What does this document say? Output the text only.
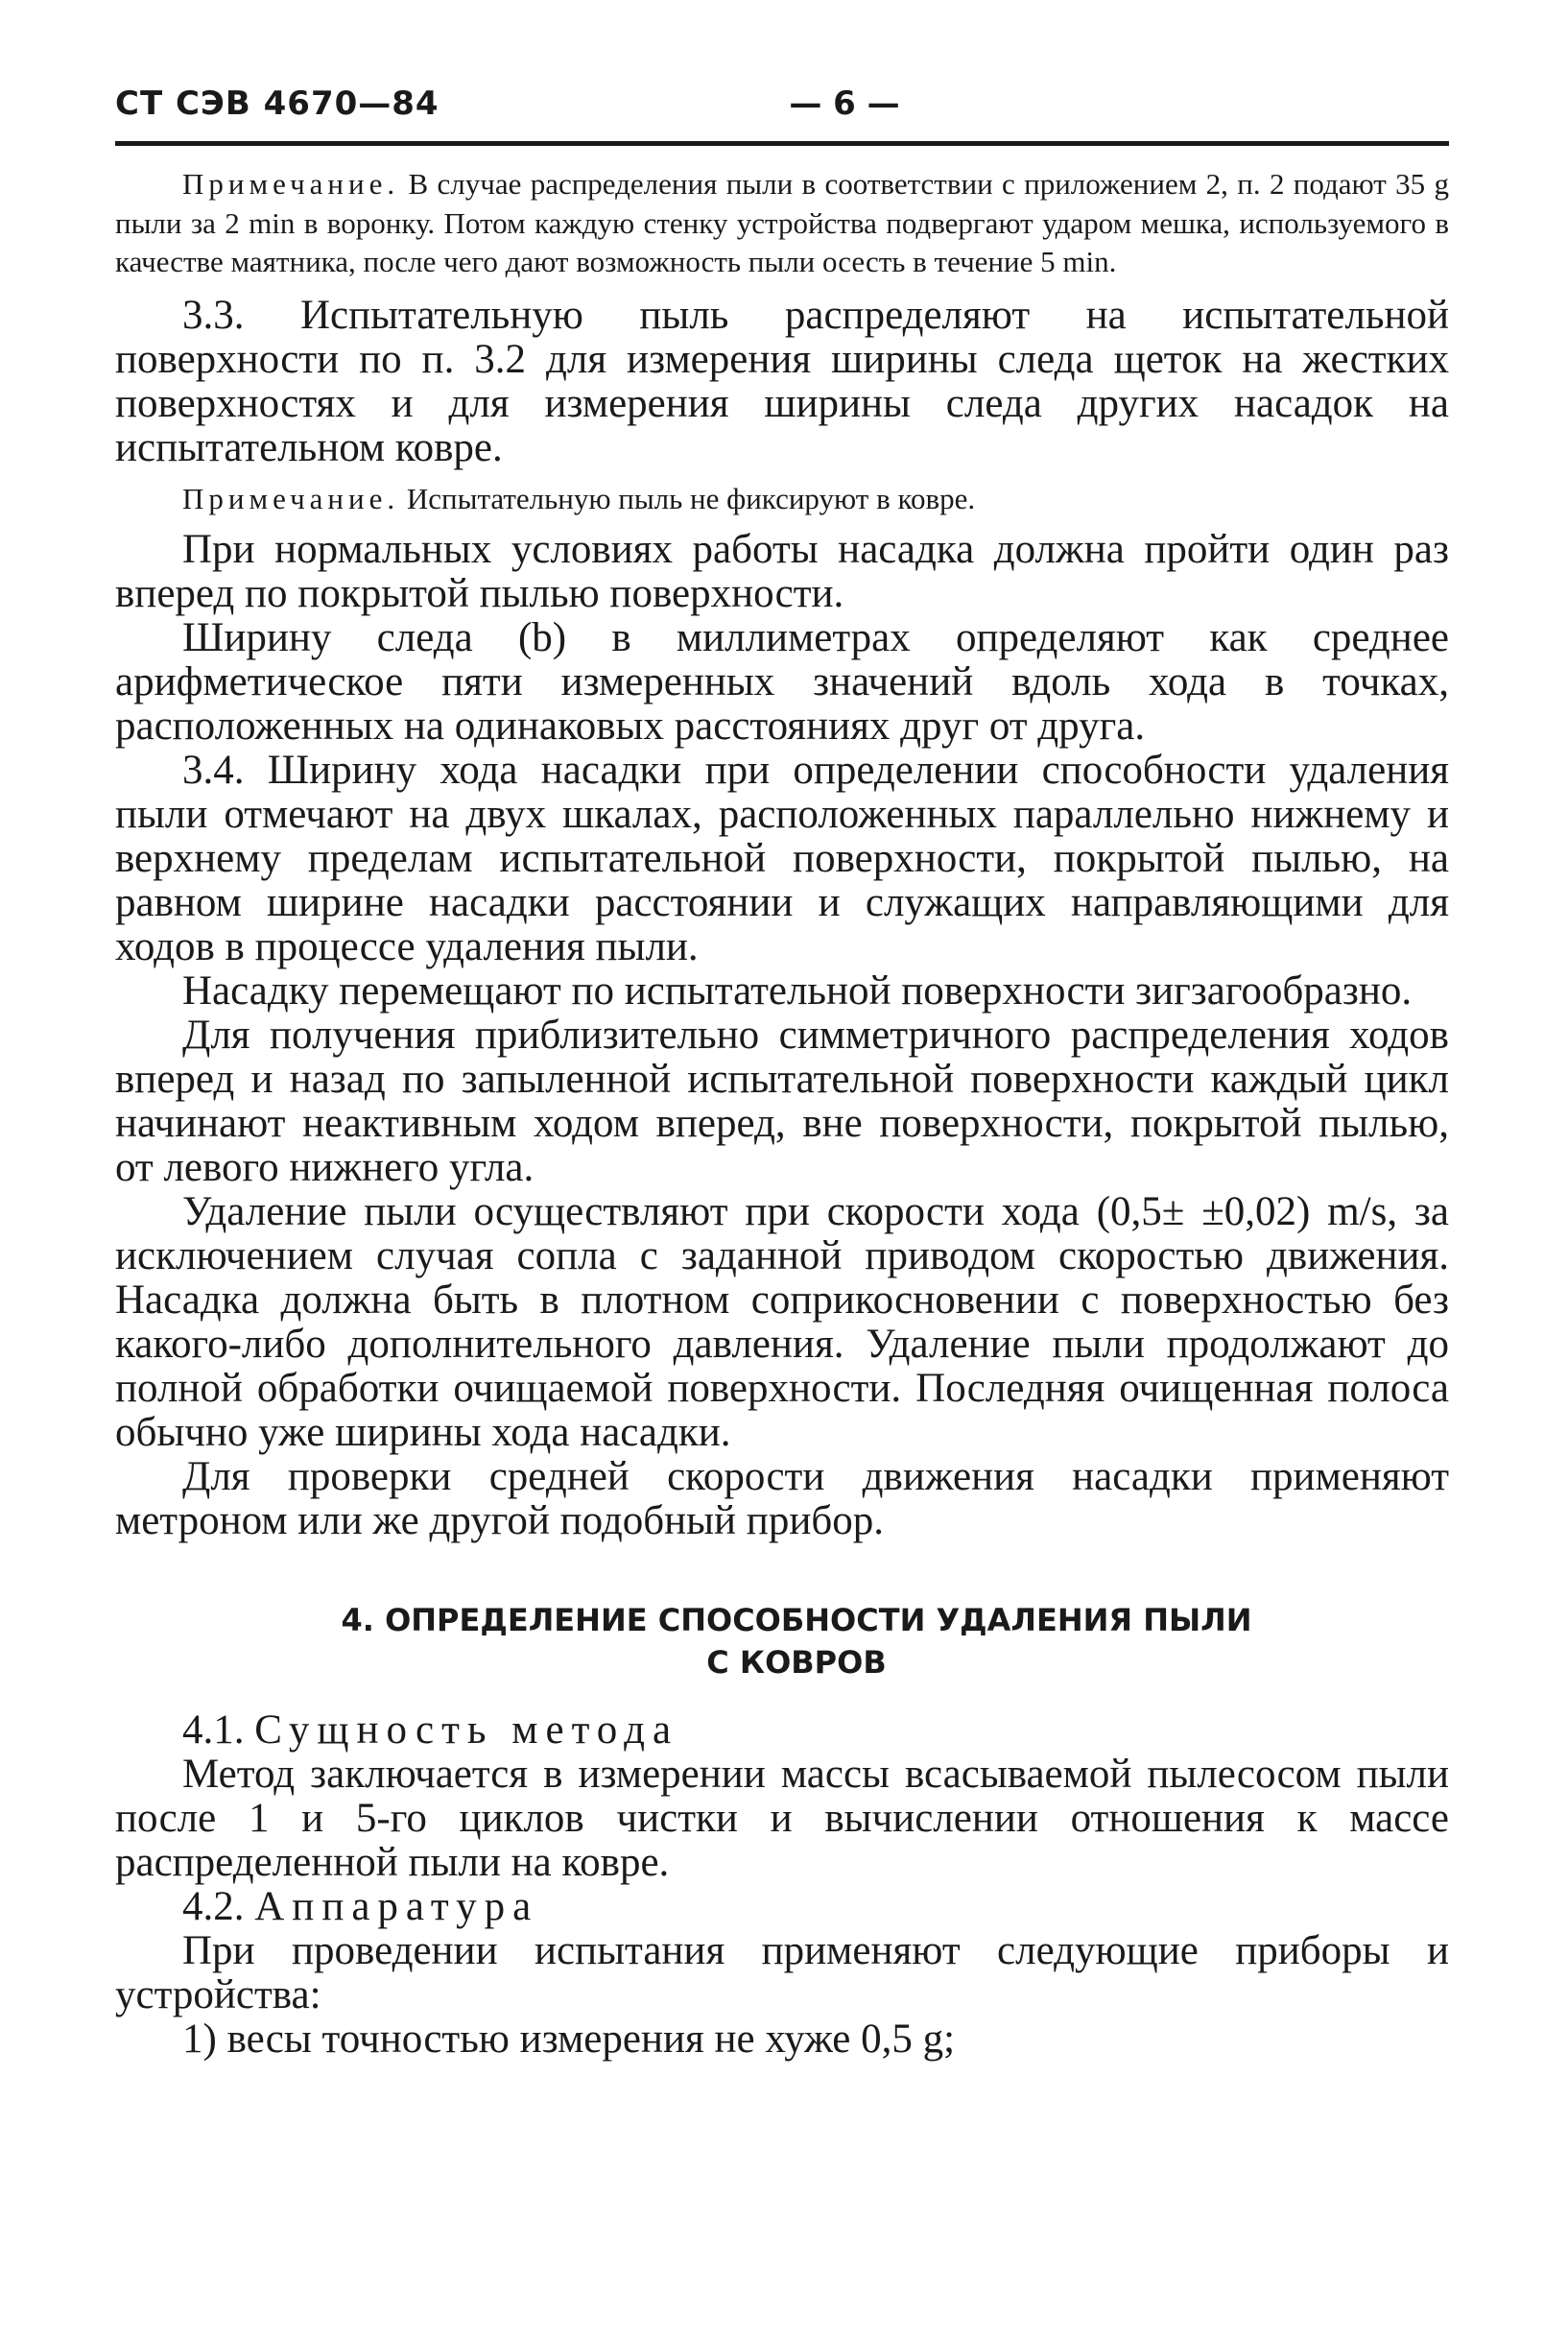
СТ СЭВ 4670—84	— 6 —

Примечание. В случае распределения пыли в соответствии с приложением 2, п. 2 подают 35 g пыли за 2 min в воронку. Потом каждую стенку устройства подвергают ударом мешка, используемого в качестве маятника, после чего дают возможность пыли осесть в течение 5 min.

3.3. Испытательную пыль распределяют на испытательной поверхности по п. 3.2 для измерения ширины следа щеток на жестких поверхностях и для измерения ширины следа других насадок на испытательном ковре.

Примечание. Испытательную пыль не фиксируют в ковре.

При нормальных условиях работы насадка должна пройти один раз вперед по покрытой пылью поверхности.

Ширину следа (b) в миллиметрах определяют как среднее арифметическое пяти измеренных значений вдоль хода в точках, расположенных на одинаковых расстояниях друг от друга.

3.4. Ширину хода насадки при определении способности удаления пыли отмечают на двух шкалах, расположенных параллельно нижнему и верхнему пределам испытательной поверхности, покрытой пылью, на равном ширине насадки расстоянии и служащих направляющими для ходов в процессе удаления пыли.

Насадку перемещают по испытательной поверхности зигзагообразно.

Для получения приблизительно симметричного распределения ходов вперед и назад по запыленной испытательной поверхности каждый цикл начинают неактивным ходом вперед, вне поверхности, покрытой пылью, от левого нижнего угла.

Удаление пыли осуществляют при скорости хода (0,5± ±0,02) m/s, за исключением случая сопла с заданной приводом скоростью движения. Насадка должна быть в плотном соприкосновении с поверхностью без какого-либо дополнительного давления. Удаление пыли продолжают до полной обработки очищаемой поверхности. Последняя очищенная полоса обычно уже ширины хода насадки.

Для проверки средней скорости движения насадки применяют метроном или же другой подобный прибор.

4. ОПРЕДЕЛЕНИЕ СПОСОБНОСТИ УДАЛЕНИЯ ПЫЛИ

С КОВРОВ

4.1. Сущность метода

Метод заключается в измерении массы всасываемой пылесосом пыли после 1 и 5-го циклов чистки и вычислении отношения к массе распределенной пыли на ковре.

4.2. Аппаратура

При проведении испытания применяют следующие приборы и устройства:

1) весы точностью измерения не хуже 0,5 g;
